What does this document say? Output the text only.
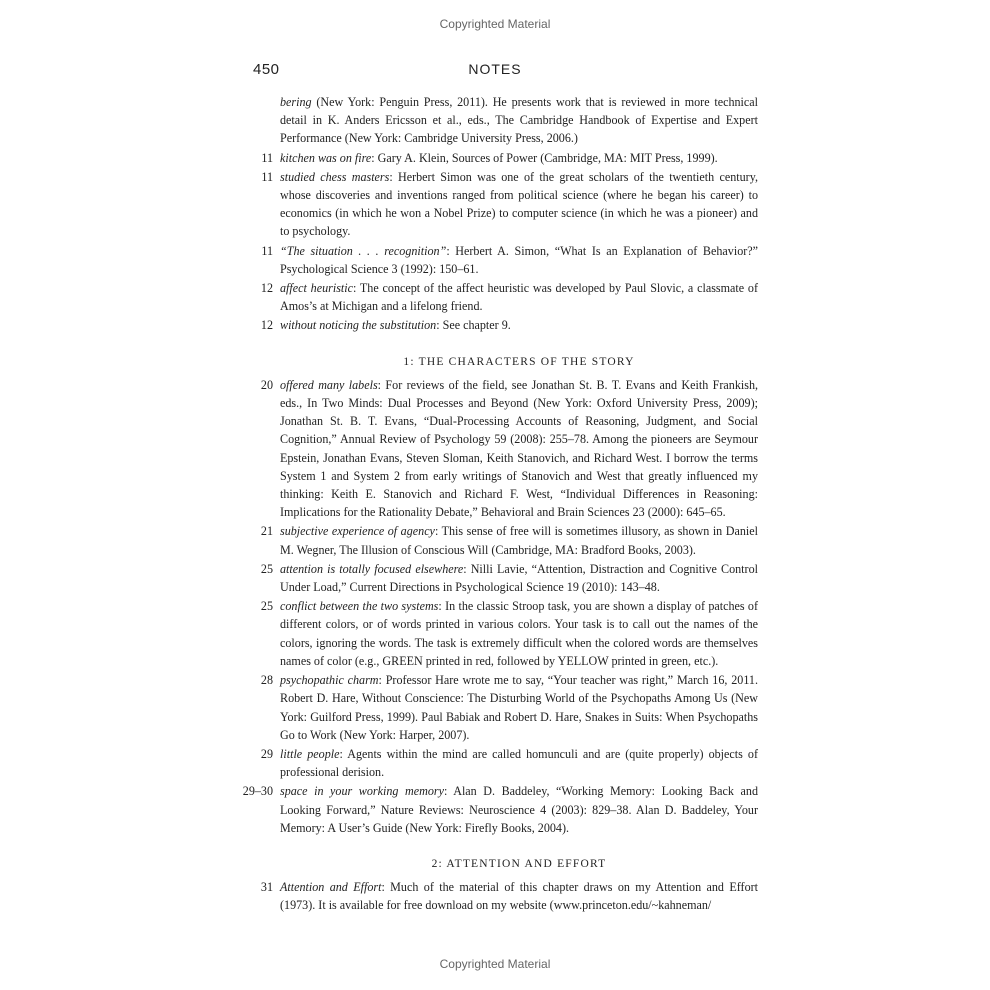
Copyrighted Material
450	NOTES
bering (New York: Penguin Press, 2011). He presents work that is reviewed in more technical detail in K. Anders Ericsson et al., eds., The Cambridge Handbook of Expertise and Expert Performance (New York: Cambridge University Press, 2006.)
11 kitchen was on fire: Gary A. Klein, Sources of Power (Cambridge, MA: MIT Press, 1999).
11 studied chess masters: Herbert Simon was one of the great scholars of the twentieth century, whose discoveries and inventions ranged from political science (where he began his career) to economics (in which he won a Nobel Prize) to computer science (in which he was a pioneer) and to psychology.
11 “The situation . . . recognition”: Herbert A. Simon, “What Is an Explanation of Behavior?” Psychological Science 3 (1992): 150–61.
12 affect heuristic: The concept of the affect heuristic was developed by Paul Slovic, a classmate of Amos’s at Michigan and a lifelong friend.
12 without noticing the substitution: See chapter 9.
1: THE CHARACTERS OF THE STORY
20 offered many labels: For reviews of the field, see Jonathan St. B. T. Evans and Keith Frankish, eds., In Two Minds: Dual Processes and Beyond (New York: Oxford University Press, 2009); Jonathan St. B. T. Evans, “Dual-Processing Accounts of Reasoning, Judgment, and Social Cognition,” Annual Review of Psychology 59 (2008): 255–78. Among the pioneers are Seymour Epstein, Jonathan Evans, Steven Sloman, Keith Stanovich, and Richard West. I borrow the terms System 1 and System 2 from early writings of Stanovich and West that greatly influenced my thinking: Keith E. Stanovich and Richard F. West, “Individual Differences in Reasoning: Implications for the Rationality Debate,” Behavioral and Brain Sciences 23 (2000): 645–65.
21 subjective experience of agency: This sense of free will is sometimes illusory, as shown in Daniel M. Wegner, The Illusion of Conscious Will (Cambridge, MA: Bradford Books, 2003).
25 attention is totally focused elsewhere: Nilli Lavie, “Attention, Distraction and Cognitive Control Under Load,” Current Directions in Psychological Science 19 (2010): 143–48.
25 conflict between the two systems: In the classic Stroop task, you are shown a display of patches of different colors, or of words printed in various colors. Your task is to call out the names of the colors, ignoring the words. The task is extremely difficult when the colored words are themselves names of color (e.g., GREEN printed in red, followed by YELLOW printed in green, etc.).
28 psychopathic charm: Professor Hare wrote me to say, “Your teacher was right,” March 16, 2011. Robert D. Hare, Without Conscience: The Disturbing World of the Psychopaths Among Us (New York: Guilford Press, 1999). Paul Babiak and Robert D. Hare, Snakes in Suits: When Psychopaths Go to Work (New York: Harper, 2007).
29 little people: Agents within the mind are called homunculi and are (quite properly) objects of professional derision.
29–30 space in your working memory: Alan D. Baddeley, “Working Memory: Looking Back and Looking Forward,” Nature Reviews: Neuroscience 4 (2003): 829–38. Alan D. Baddeley, Your Memory: A User’s Guide (New York: Firefly Books, 2004).
2: ATTENTION AND EFFORT
31 Attention and Effort: Much of the material of this chapter draws on my Attention and Effort (1973). It is available for free download on my website (www.princeton.edu/~kahneman/
Copyrighted Material
